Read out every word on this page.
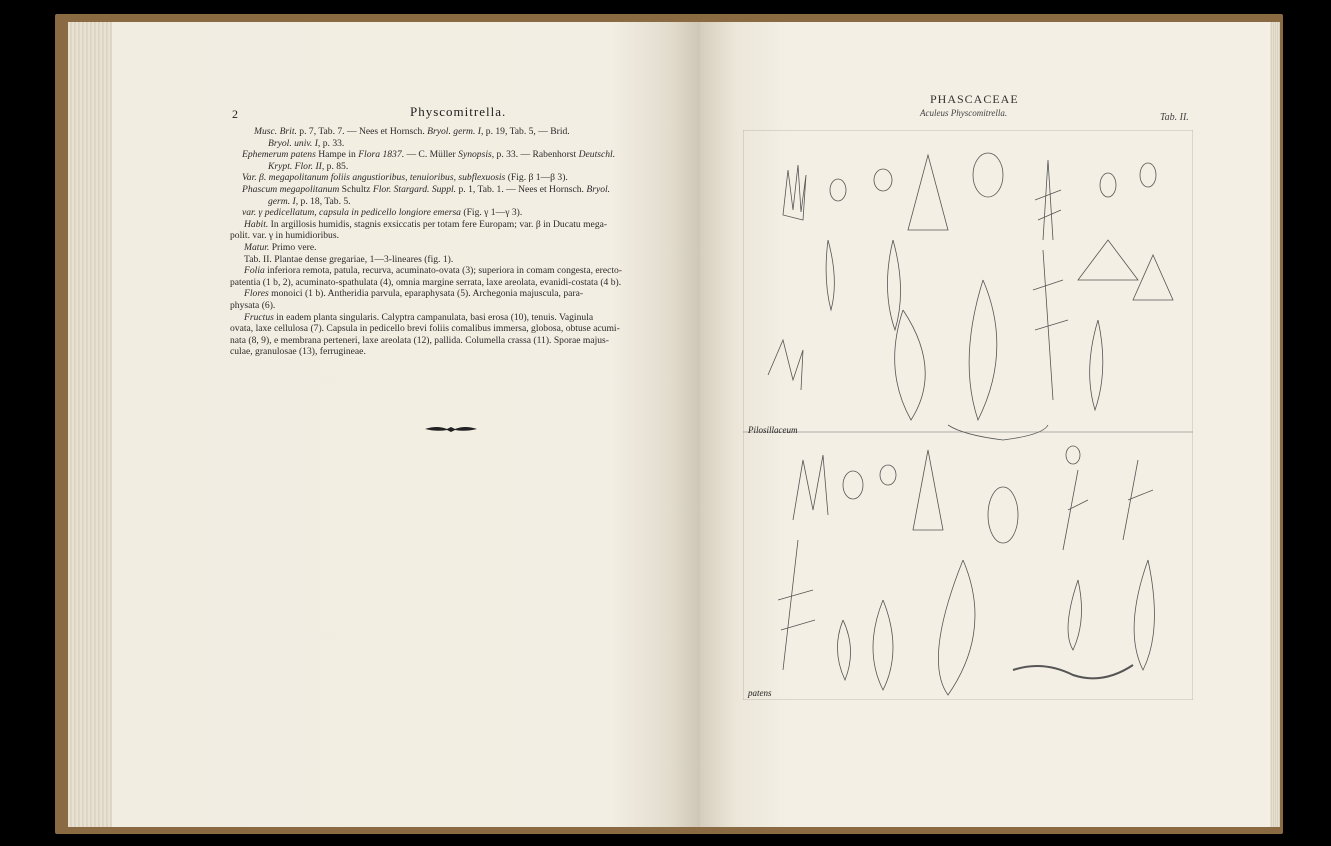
2	Physcomitrella.

Musc. Brit. p. 7, Tab. 7. — Nees et Hornsch. Bryol. germ. I, p. 19, Tab. 5, — Brid.

Bryol. univ. I, p. 33.

Ephemerum patens Hampe in Flora 1837. — C. Müller Synopsis, p. 33. — Rabenhorst Deutschl.

Krypt. Flor. II, p. 85.

Var. β. megapolitanum foliis angustioribus, tenuioribus, subflexuosis (Fig. β 1—β 3).

Phascum megapolitanum Schultz Flor. Stargard. Suppl. p. 1, Tab. 1. — Nees et Hornsch. Bryol.

germ. I, p. 18, Tab. 5.

var. γ pedicellatum, capsula in pedicello longiore emersa (Fig. γ 1—γ 3).

Habit. In argillosis humidis, stagnis exsiccatis per totam fere Europam; var. β in Ducatu mega-

polit. var. γ in humidioribus.

Matur. Primo vere.

Tab. II. Plantae dense gregariae, 1—3-lineares (fig. 1).

Folia inferiora remota, patula, recurva, acuminato-ovata (3); superiora in comam congesta, erecto-

patentia (1 b, 2), acuminato-spathulata (4), omnia margine serrata, laxe areolata, evanidi-costata (4 b).

Flores monoici (1 b). Antheridia parvula, eparaphysata (5). Archegonia majuscula, para-

physata (6).

Fructus in eadem planta singularis. Calyptra campanulata, basi erosa (10), tenuis. Vaginula

ovata, laxe cellulosa (7). Capsula in pedicello brevi foliis comalibus immersa, globosa, obtuse acumi-

nata (8, 9), e membrana perteneri, laxe areolata (12), pallida. Columella crassa (11). Sporae majus-

culae, granulosae (13), ferrugineae.

PHASCACEAE
Aculeus Physcomitrella.	Tab. II.
Pilosillaceum
patens
